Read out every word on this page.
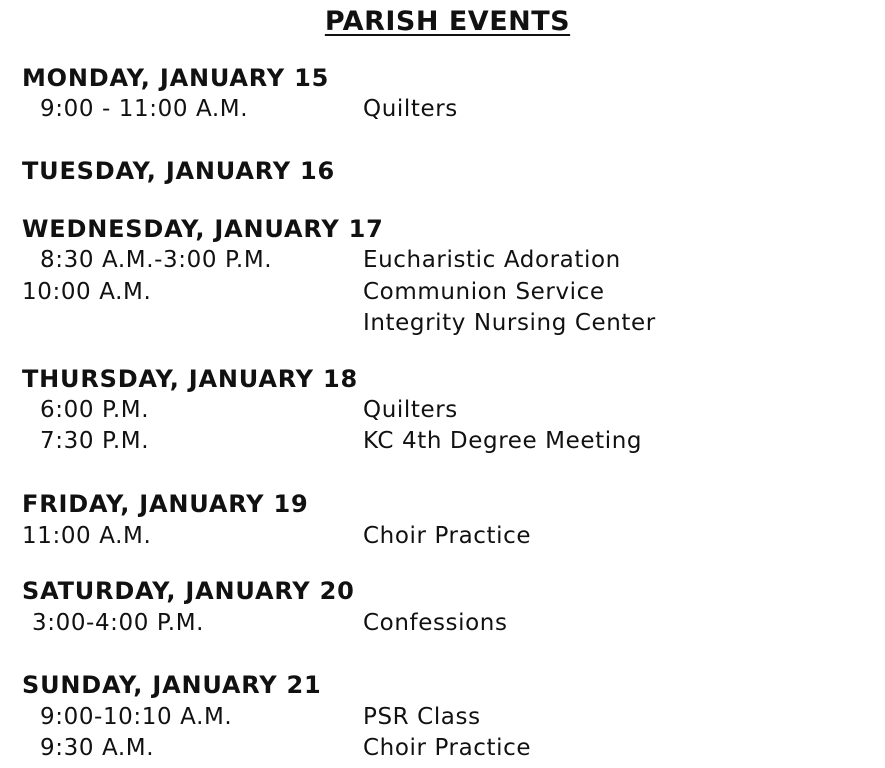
PARISH EVENTS
MONDAY, JANUARY 15
9:00 - 11:00 A.M.	Quilters
TUESDAY, JANUARY 16
WEDNESDAY, JANUARY 17
8:30 A.M.-3:00 P.M.	Eucharistic Adoration
10:00 A.M.	Communion Service
Integrity Nursing Center
THURSDAY, JANUARY 18
6:00 P.M.	Quilters
7:30 P.M.	KC 4th Degree Meeting
FRIDAY, JANUARY 19
11:00 A.M.	Choir Practice
SATURDAY, JANUARY 20
3:00-4:00 P.M.	Confessions
SUNDAY, JANUARY 21
9:00-10:10 A.M.	PSR Class
9:30 A.M.	Choir Practice
